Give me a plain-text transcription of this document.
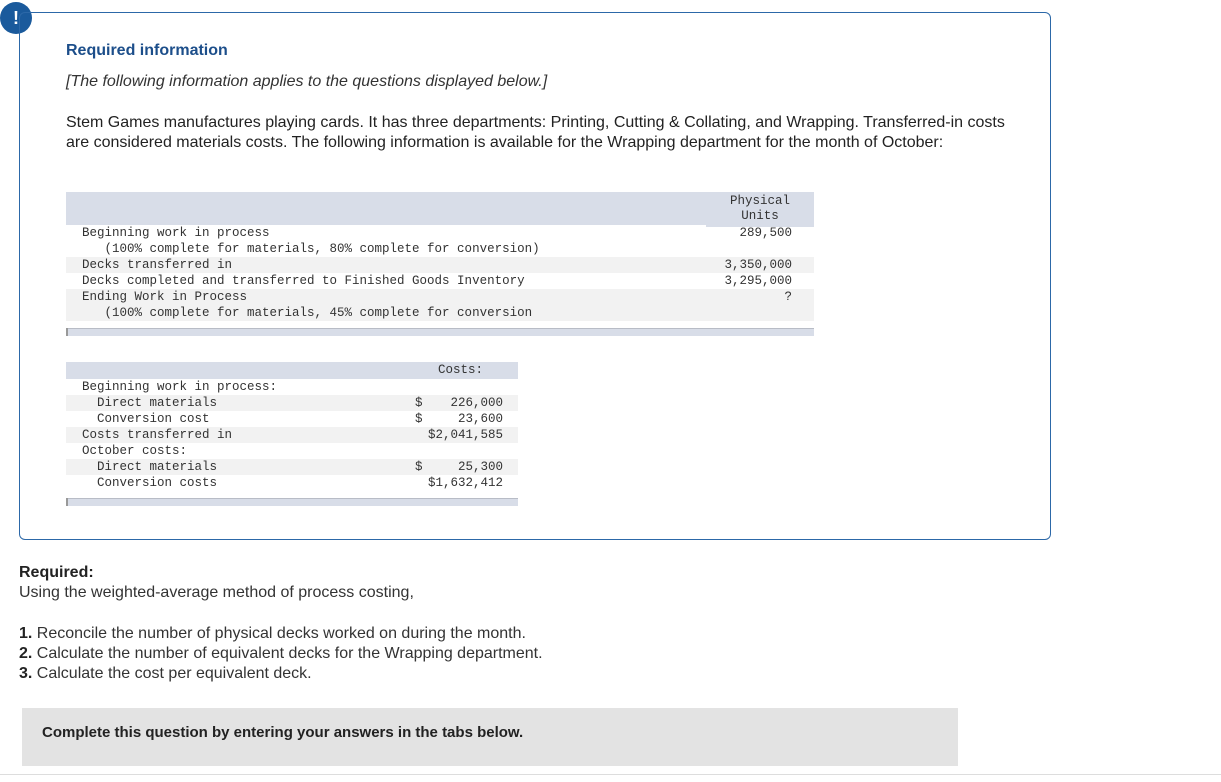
!
Required information
[The following information applies to the questions displayed below.]
Stem Games manufactures playing cards. It has three departments: Printing, Cutting & Collating, and Wrapping. Transferred-in costs are considered materials costs. The following information is available for the Wrapping department for the month of October:
Physical
Units
Beginning work in process	289,500
(100% complete for materials, 80% complete for conversion)
Decks transferred in	3,350,000
Decks completed and transferred to Finished Goods Inventory	3,295,000
Ending Work in Process	?
(100% complete for materials, 45% complete for conversion
Costs:
Beginning work in process:
Direct materials	$ 226,000
Conversion cost	$	23,600
Costs transferred in	$2,041,585
October costs:
Direct materials	$	25,300
Conversion costs	$1,632,412
Required:
Using the weighted-average method of process costing,
1. Reconcile the number of physical decks worked on during the month.
2. Calculate the number of equivalent decks for the Wrapping department.
3. Calculate the cost per equivalent deck.
Complete this question by entering your answers in the tabs below.
